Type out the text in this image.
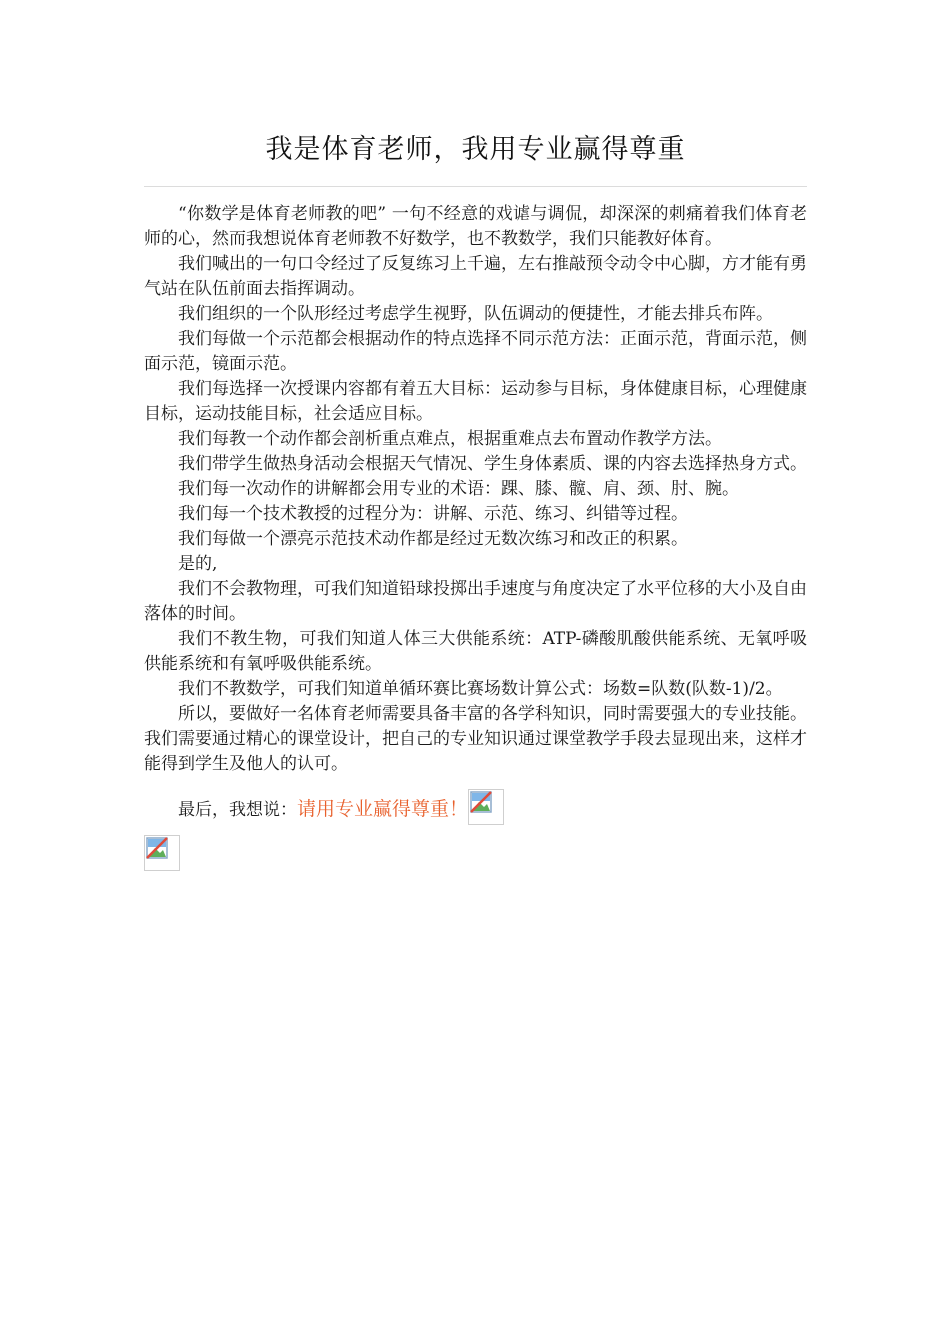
我是体育老师，我用专业赢得尊重

“你数学是体育老师教的吧” 一句不经意的戏谑与调侃，却深深的刺痛着我们体育老师的心，然而我想说体育老师教不好数学，也不教数学，我们只能教好体育。

我们喊出的一句口令经过了反复练习上千遍，左右推敲预令动令中心脚，方才能有勇气站在队伍前面去指挥调动。

我们组织的一个队形经过考虑学生视野，队伍调动的便捷性，才能去排兵布阵。

我们每做一个示范都会根据动作的特点选择不同示范方法：正面示范，背面示范，侧面示范，镜面示范。

我们每选择一次授课内容都有着五大目标：运动参与目标，身体健康目标，心理健康目标，运动技能目标，社会适应目标。

我们每教一个动作都会剖析重点难点，根据重难点去布置动作教学方法。

我们带学生做热身活动会根据天气情况、学生身体素质、课的内容去选择热身方式。

我们每一次动作的讲解都会用专业的术语：踝、膝、髋、肩、颈、肘、腕。

我们每一个技术教授的过程分为：讲解、示范、练习、纠错等过程。

我们每做一个漂亮示范技术动作都是经过无数次练习和改正的积累。

是的,

我们不会教物理，可我们知道铅球投掷出手速度与角度决定了水平位移的大小及自由落体的时间。

我们不教生物，可我们知道人体三大供能系统：ATP-磷酸肌酸供能系统、无氧呼吸供能系统和有氧呼吸供能系统。

我们不教数学，可我们知道单循环赛比赛场数计算公式：场数=队数(队数-1)/2。

所以，要做好一名体育老师需要具备丰富的各学科知识，同时需要强大的专业技能。我们需要通过精心的课堂设计，把自己的专业知识通过课堂教学手段去显现出来，这样才能得到学生及他人的认可。

最后，我想说：请用专业赢得尊重！
